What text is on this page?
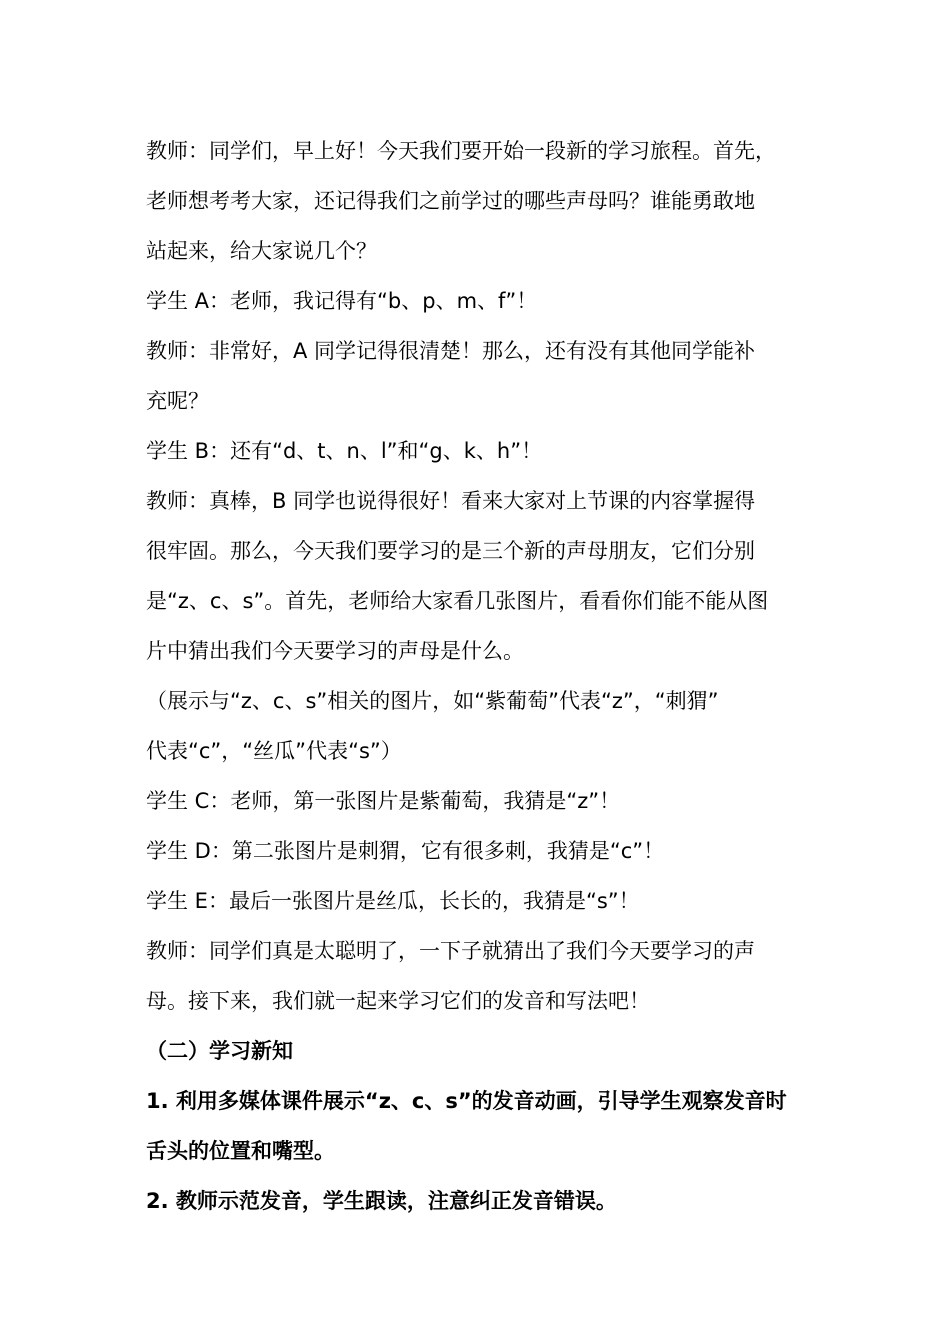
教师：同学们，早上好！今天我们要开始一段新的学习旅程。首先，
老师想考考大家，还记得我们之前学过的哪些声母吗？谁能勇敢地
站起来，给大家说几个？

学生 A：老师，我记得有“b、p、m、f”！

教师：非常好，A 同学记得很清楚！那么，还有没有其他同学能补
充呢？

学生 B：还有“d、t、n、l”和“g、k、h”！

教师：真棒，B 同学也说得很好！看来大家对上节课的内容掌握得
很牢固。那么，今天我们要学习的是三个新的声母朋友，它们分别
是“z、c、s”。首先，老师给大家看几张图片，看看你们能不能从图
片中猜出我们今天要学习的声母是什么。

（展示与“z、c、s”相关的图片，如“紫葡萄”代表“z”，“刺猬”
代表“c”，“丝瓜”代表“s”）

学生 C：老师，第一张图片是紫葡萄，我猜是“z”！

学生 D：第二张图片是刺猬，它有很多刺，我猜是“c”！

学生 E：最后一张图片是丝瓜，长长的，我猜是“s”！

教师：同学们真是太聪明了，一下子就猜出了我们今天要学习的声
母。接下来，我们就一起来学习它们的发音和写法吧！

（二）学习新知

1. 利用多媒体课件展示“z、c、s”的发音动画，引导学生观察发音时
舌头的位置和嘴型。

2. 教师示范发音，学生跟读，注意纠正发音错误。
